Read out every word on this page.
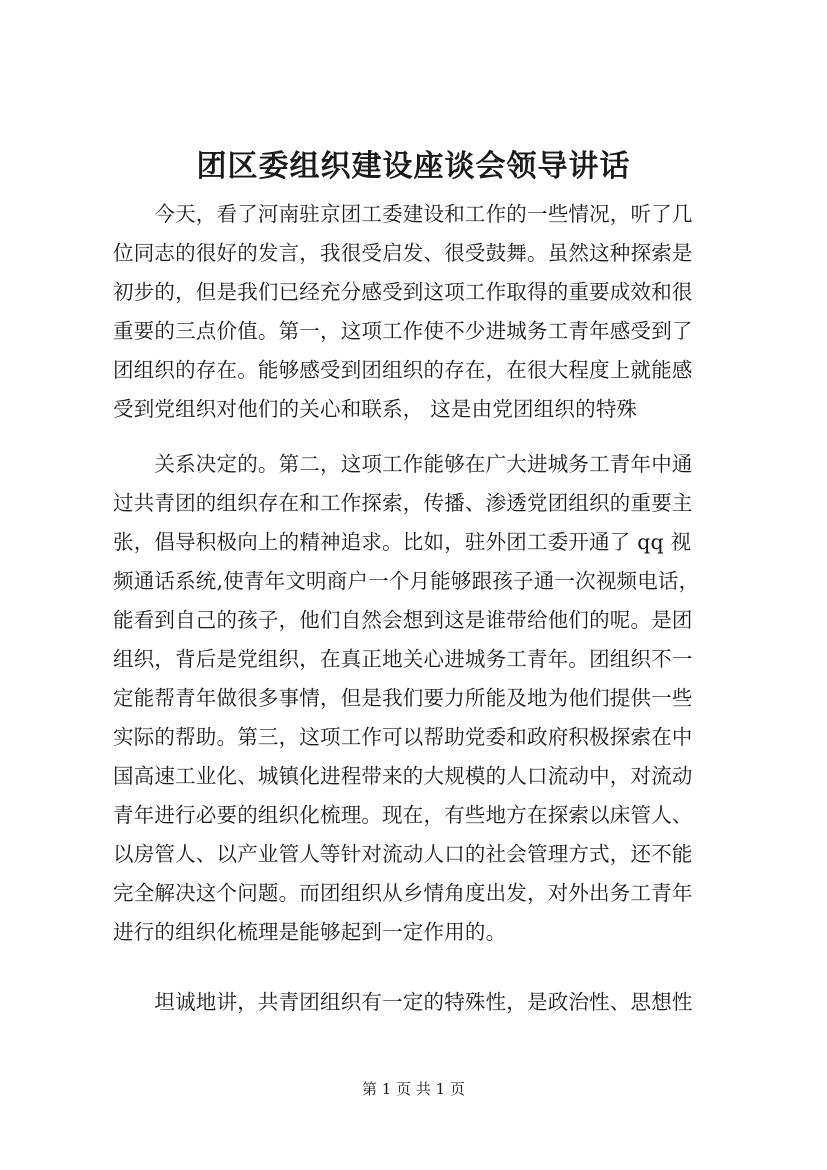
团区委组织建设座谈会领导讲话
　　今天，看了河南驻京团工委建设和工作的一些情况，听了几
位同志的很好的发言，我很受启发、很受鼓舞。虽然这种探索是
初步的，但是我们已经充分感受到这项工作取得的重要成效和很
重要的三点价值。第一，这项工作使不少进城务工青年感受到了
团组织的存在。能够感受到团组织的存在，在很大程度上就能感
受到党组织对他们的关心和联系， 这是由党团组织的特殊
　　关系决定的。第二，这项工作能够在广大进城务工青年中通
过共青团的组织存在和工作探索，传播、渗透党团组织的重要主
张，倡导积极向上的精神追求。比如，驻外团工委开通了 qq 视
频通话系统,使青年文明商户一个月能够跟孩子通一次视频电话，
能看到自己的孩子，他们自然会想到这是谁带给他们的呢。是团
组织，背后是党组织，在真正地关心进城务工青年。团组织不一
定能帮青年做很多事情，但是我们要力所能及地为他们提供一些
实际的帮助。第三，这项工作可以帮助党委和政府积极探索在中
国高速工业化、城镇化进程带来的大规模的人口流动中，对流动
青年进行必要的组织化梳理。现在，有些地方在探索以床管人、
以房管人、以产业管人等针对流动人口的社会管理方式，还不能
完全解决这个问题。而团组织从乡情角度出发，对外出务工青年
进行的组织化梳理是能够起到一定作用的。
　　坦诚地讲，共青团组织有一定的特殊性，是政治性、思想性
第 1 页 共 1 页
